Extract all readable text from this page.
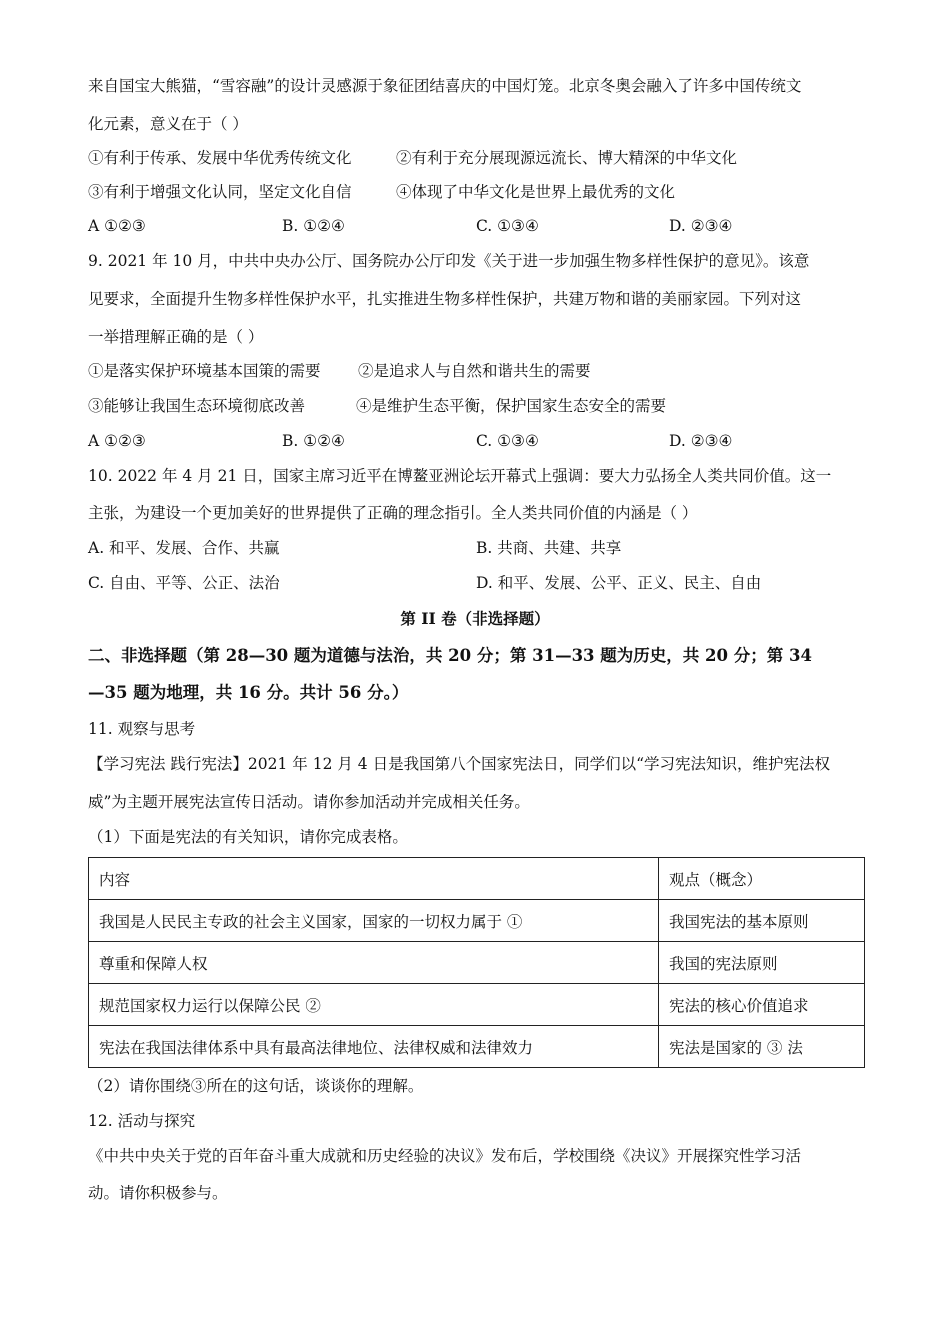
来自国宝大熊猫，“雪容融”的设计灵感源于象征团结喜庆的中国灯笼。北京冬奥会融入了许多中国传统文
化元素，意义在于（ ）
①有利于传承、发展中华优秀传统文化	②有利于充分展现源远流长、博大精深的中华文化
③有利于增强文化认同，坚定文化自信	④体现了中华文化是世界上最优秀的文化
A ①②③	B. ①②④	C. ①③④	D. ②③④
9. 2021 年 10 月，中共中央办公厅、国务院办公厅印发《关于进一步加强生物多样性保护的意见》。该意
见要求，全面提升生物多样性保护水平，扎实推进生物多样性保护，共建万物和谐的美丽家园。下列对这
一举措理解正确的是（ ）
①是落实保护环境基本国策的需要 ②是追求人与自然和谐共生的需要
③能够让我国生态环境彻底改善	④是维护生态平衡，保护国家生态安全的需要
A ①②③	B. ①②④	C. ①③④	D. ②③④
10. 2022 年 4 月 21 日，国家主席习近平在博鳌亚洲论坛开幕式上强调：要大力弘扬全人类共同价值。这一
主张，为建设一个更加美好的世界提供了正确的理念指引。全人类共同价值的内涵是（ ）
A. 和平、发展、合作、共赢	B. 共商、共建、共享
C. 自由、平等、公正、法治	D. 和平、发展、公平、正义、民主、自由
第 II 卷（非选择题）
二、非选择题（第 28—30 题为道德与法治，共 20 分；第 31—33 题为历史，共 20 分；第 34
—35 题为地理，共 16 分。共计 56 分。）
11. 观察与思考
【学习宪法 践行宪法】2021 年 12 月 4 日是我国第八个国家宪法日，同学们以“学习宪法知识，维护宪法权
威”为主题开展宪法宣传日活动。请你参加活动并完成相关任务。
（1）下面是宪法的有关知识，请你完成表格。
内容	观点（概念）
我国是人民民主专政的社会主义国家，国家的一切权力属于 ①	我国宪法的基本原则
尊重和保障人权	我国的宪法原则
规范国家权力运行以保障公民 ②	宪法的核心价值追求
宪法在我国法律体系中具有最高法律地位、法律权威和法律效力	宪法是国家的 ③ 法
（2）请你围绕③所在的这句话，谈谈你的理解。
12. 活动与探究
《中共中央关于党的百年奋斗重大成就和历史经验的决议》发布后，学校围绕《决议》开展探究性学习活
动。请你积极参与。
